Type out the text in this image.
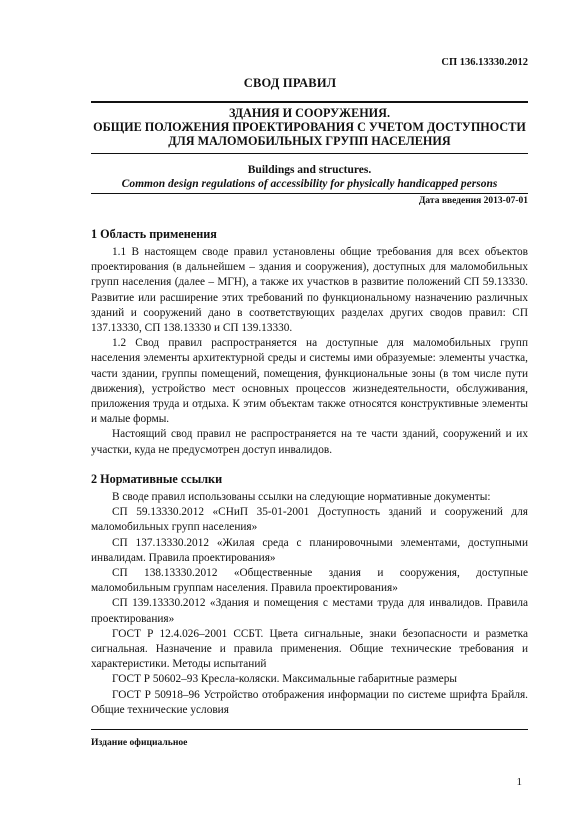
СП 136.13330.2012
СВОД ПРАВИЛ
ЗДАНИЯ И СООРУЖЕНИЯ.
ОБЩИЕ ПОЛОЖЕНИЯ ПРОЕКТИРОВАНИЯ С УЧЕТОМ ДОСТУПНОСТИ
ДЛЯ МАЛОМОБИЛЬНЫХ ГРУПП НАСЕЛЕНИЯ
Buildings and structures.
Common design regulations of accessibility for physically handicapped persons
Дата введения 2013-07-01
1 Область применения

1.1 В настоящем своде правил установлены общие требования для всех объектов проектирования (в дальнейшем – здания и сооружения), доступных для маломобильных групп населения (далее – МГН), а также их участков в развитие положений СП 59.13330. Развитие или расширение этих требований по функциональному назначению различных зданий и сооружений дано в соответствующих разделах других сводов правил: СП 137.13330, СП 138.13330 и СП 139.13330.

1.2 Свод правил распространяется на доступные для маломобильных групп населения элементы архитектурной среды и системы ими образуемые: элементы участка, части здании, группы помещений, помещения, функциональные зоны (в том числе пути движения), устройство мест основных процессов жизнедеятельности, обслуживания, приложения труда и отдыха. К этим объектам также относятся конструктивные элементы и малые формы.

Настоящий свод правил не распространяется на те части зданий, сооружений и их участки, куда не предусмотрен доступ инвалидов.

2 Нормативные ссылки

В своде правил использованы ссылки на следующие нормативные документы:

СП 59.13330.2012 «СНиП 35-01-2001 Доступность зданий и сооружений для маломобильных групп населения»

СП 137.13330.2012 «Жилая среда с планировочными элементами, доступными инвалидам. Правила проектирования»

СП 138.13330.2012 «Общественные здания и сооружения, доступные маломобильным группам населения. Правила проектирования»

СП 139.13330.2012 «Здания и помещения с местами труда для инвалидов. Правила проектирования»

ГОСТ Р 12.4.026–2001 ССБТ. Цвета сигнальные, знаки безопасности и разметка сигнальная. Назначение и правила применения. Общие технические требования и характеристики. Методы испытаний

ГОСТ Р 50602–93 Кресла-коляски. Максимальные габаритные размеры

ГОСТ Р 50918–96 Устройство отображения информации по системе шрифта Брайля. Общие технические условия

Издание официальное
1
